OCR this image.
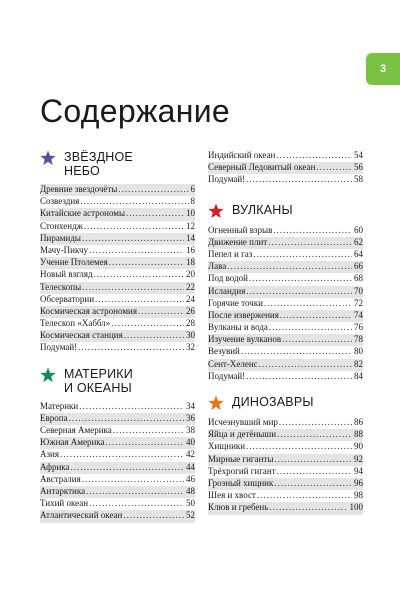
3
Содержание
ЗВЁЗДНОЕ
НЕБО
Древние звездочёты .....	6
Созвездия .....	8
Китайские астрономы .....	10
Стонхендж .....	12
Пирамиды .....	14
Мачу-Пикчу .....	16
Учение Птолемея .....	18
Новый взгляд .....	20
Телескопы .....	22
Обсерватории .....	24
Космическая астрономия .....	26
Телескоп «Хаббл» .....	28
Космическая станция .....	30
Подумай! .....	32
МАТЕРИКИ
И ОКЕАНЫ
Материки .....	34
Европа .....	36
Северная Америка .....	38
Южная Америка .....	40
Азия .....	42
Африка .....	44
Австралия .....	46
Антарктика .....	48
Тихий океан .....	50
Атлантический океан .....	52
Индийский океан .....	54
Северный Ледовитый океан .....	56
Подумай! .....	58
ВУЛКАНЫ
Огненный взрыв .....	60
Движение плит .....	62
Пепел и газ .....	64
Лава .....	66
Под водой .....	68
Исландия .....	70
Горячие точки .....	72
После извержения .....	74
Вулканы и вода .....	76
Изучение вулканов .....	78
Везувий .....	80
Сент-Хеленс .....	82
Подумай! .....	84
ДИНОЗАВРЫ
Исчезнувший мир .....	86
Яйца и детёныши .....	88
Хищники .....	90
Мирные гиганты .....	92
Трёхрогий гигант .....	94
Грозный хищник .....	96
Шея и хвост .....	98
Клюв и гребень .....	100
